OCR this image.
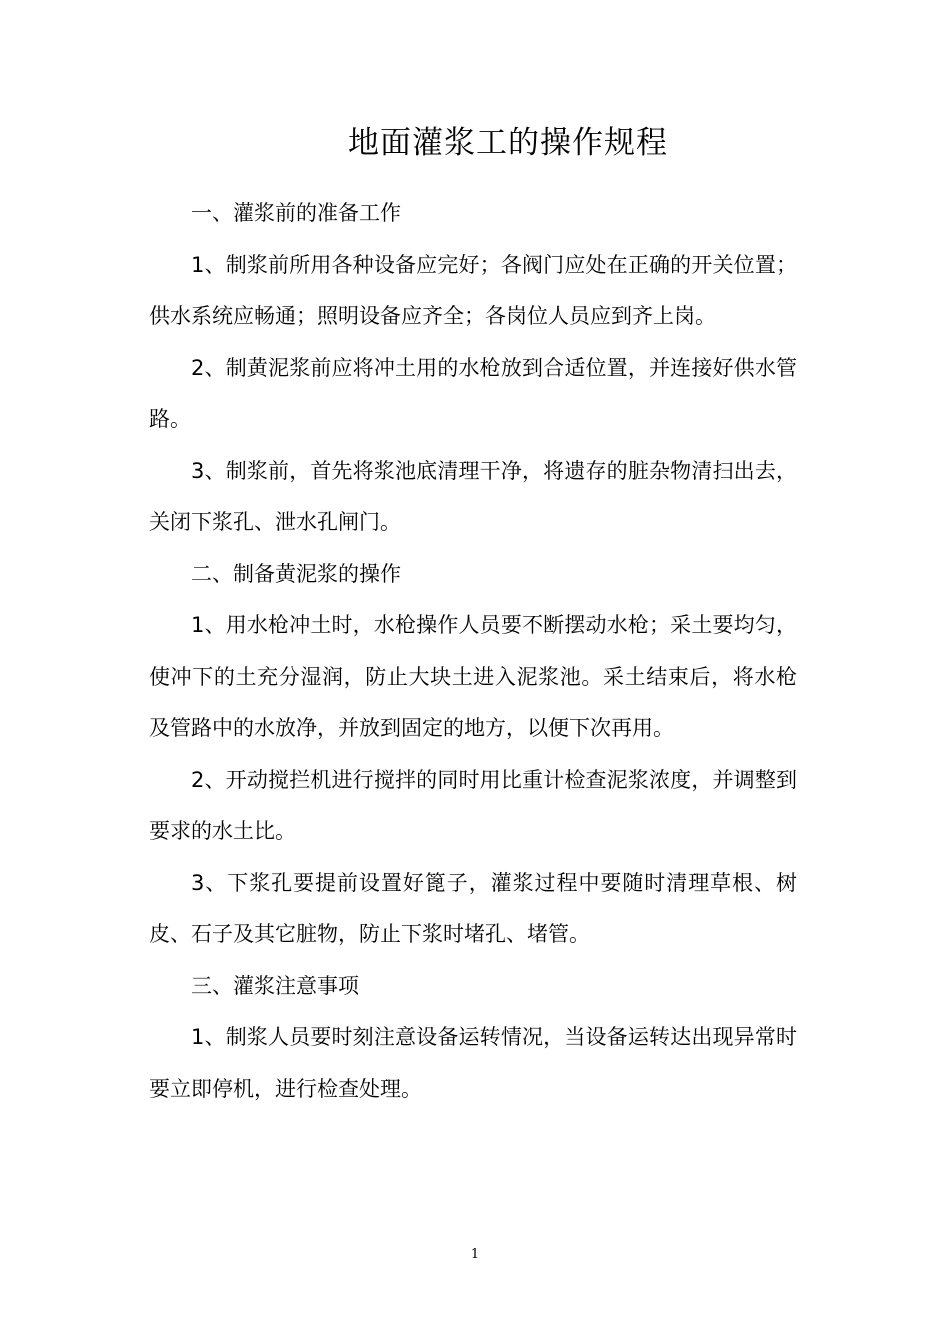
地面灌浆工的操作规程

一、灌浆前的准备工作

1、制浆前所用各种设备应完好；各阀门应处在正确的开关位置；供水系统应畅通；照明设备应齐全；各岗位人员应到齐上岗。

2、制黄泥浆前应将冲土用的水枪放到合适位置，并连接好供水管路。

3、制浆前，首先将浆池底清理干净，将遗存的脏杂物清扫出去，关闭下浆孔、泄水孔闸门。

二、制备黄泥浆的操作

1、用水枪冲土时，水枪操作人员要不断摆动水枪；采土要均匀，使冲下的土充分湿润，防止大块土进入泥浆池。采土结束后，将水枪及管路中的水放净，并放到固定的地方，以便下次再用。

2、开动搅拦机进行搅拌的同时用比重计检查泥浆浓度，并调整到要求的水土比。

3、下浆孔要提前设置好篦子，灌浆过程中要随时清理草根、树皮、石子及其它脏物，防止下浆时堵孔、堵管。

三、灌浆注意事项

1、制浆人员要时刻注意设备运转情况，当设备运转达出现异常时要立即停机，进行检查处理。

1
